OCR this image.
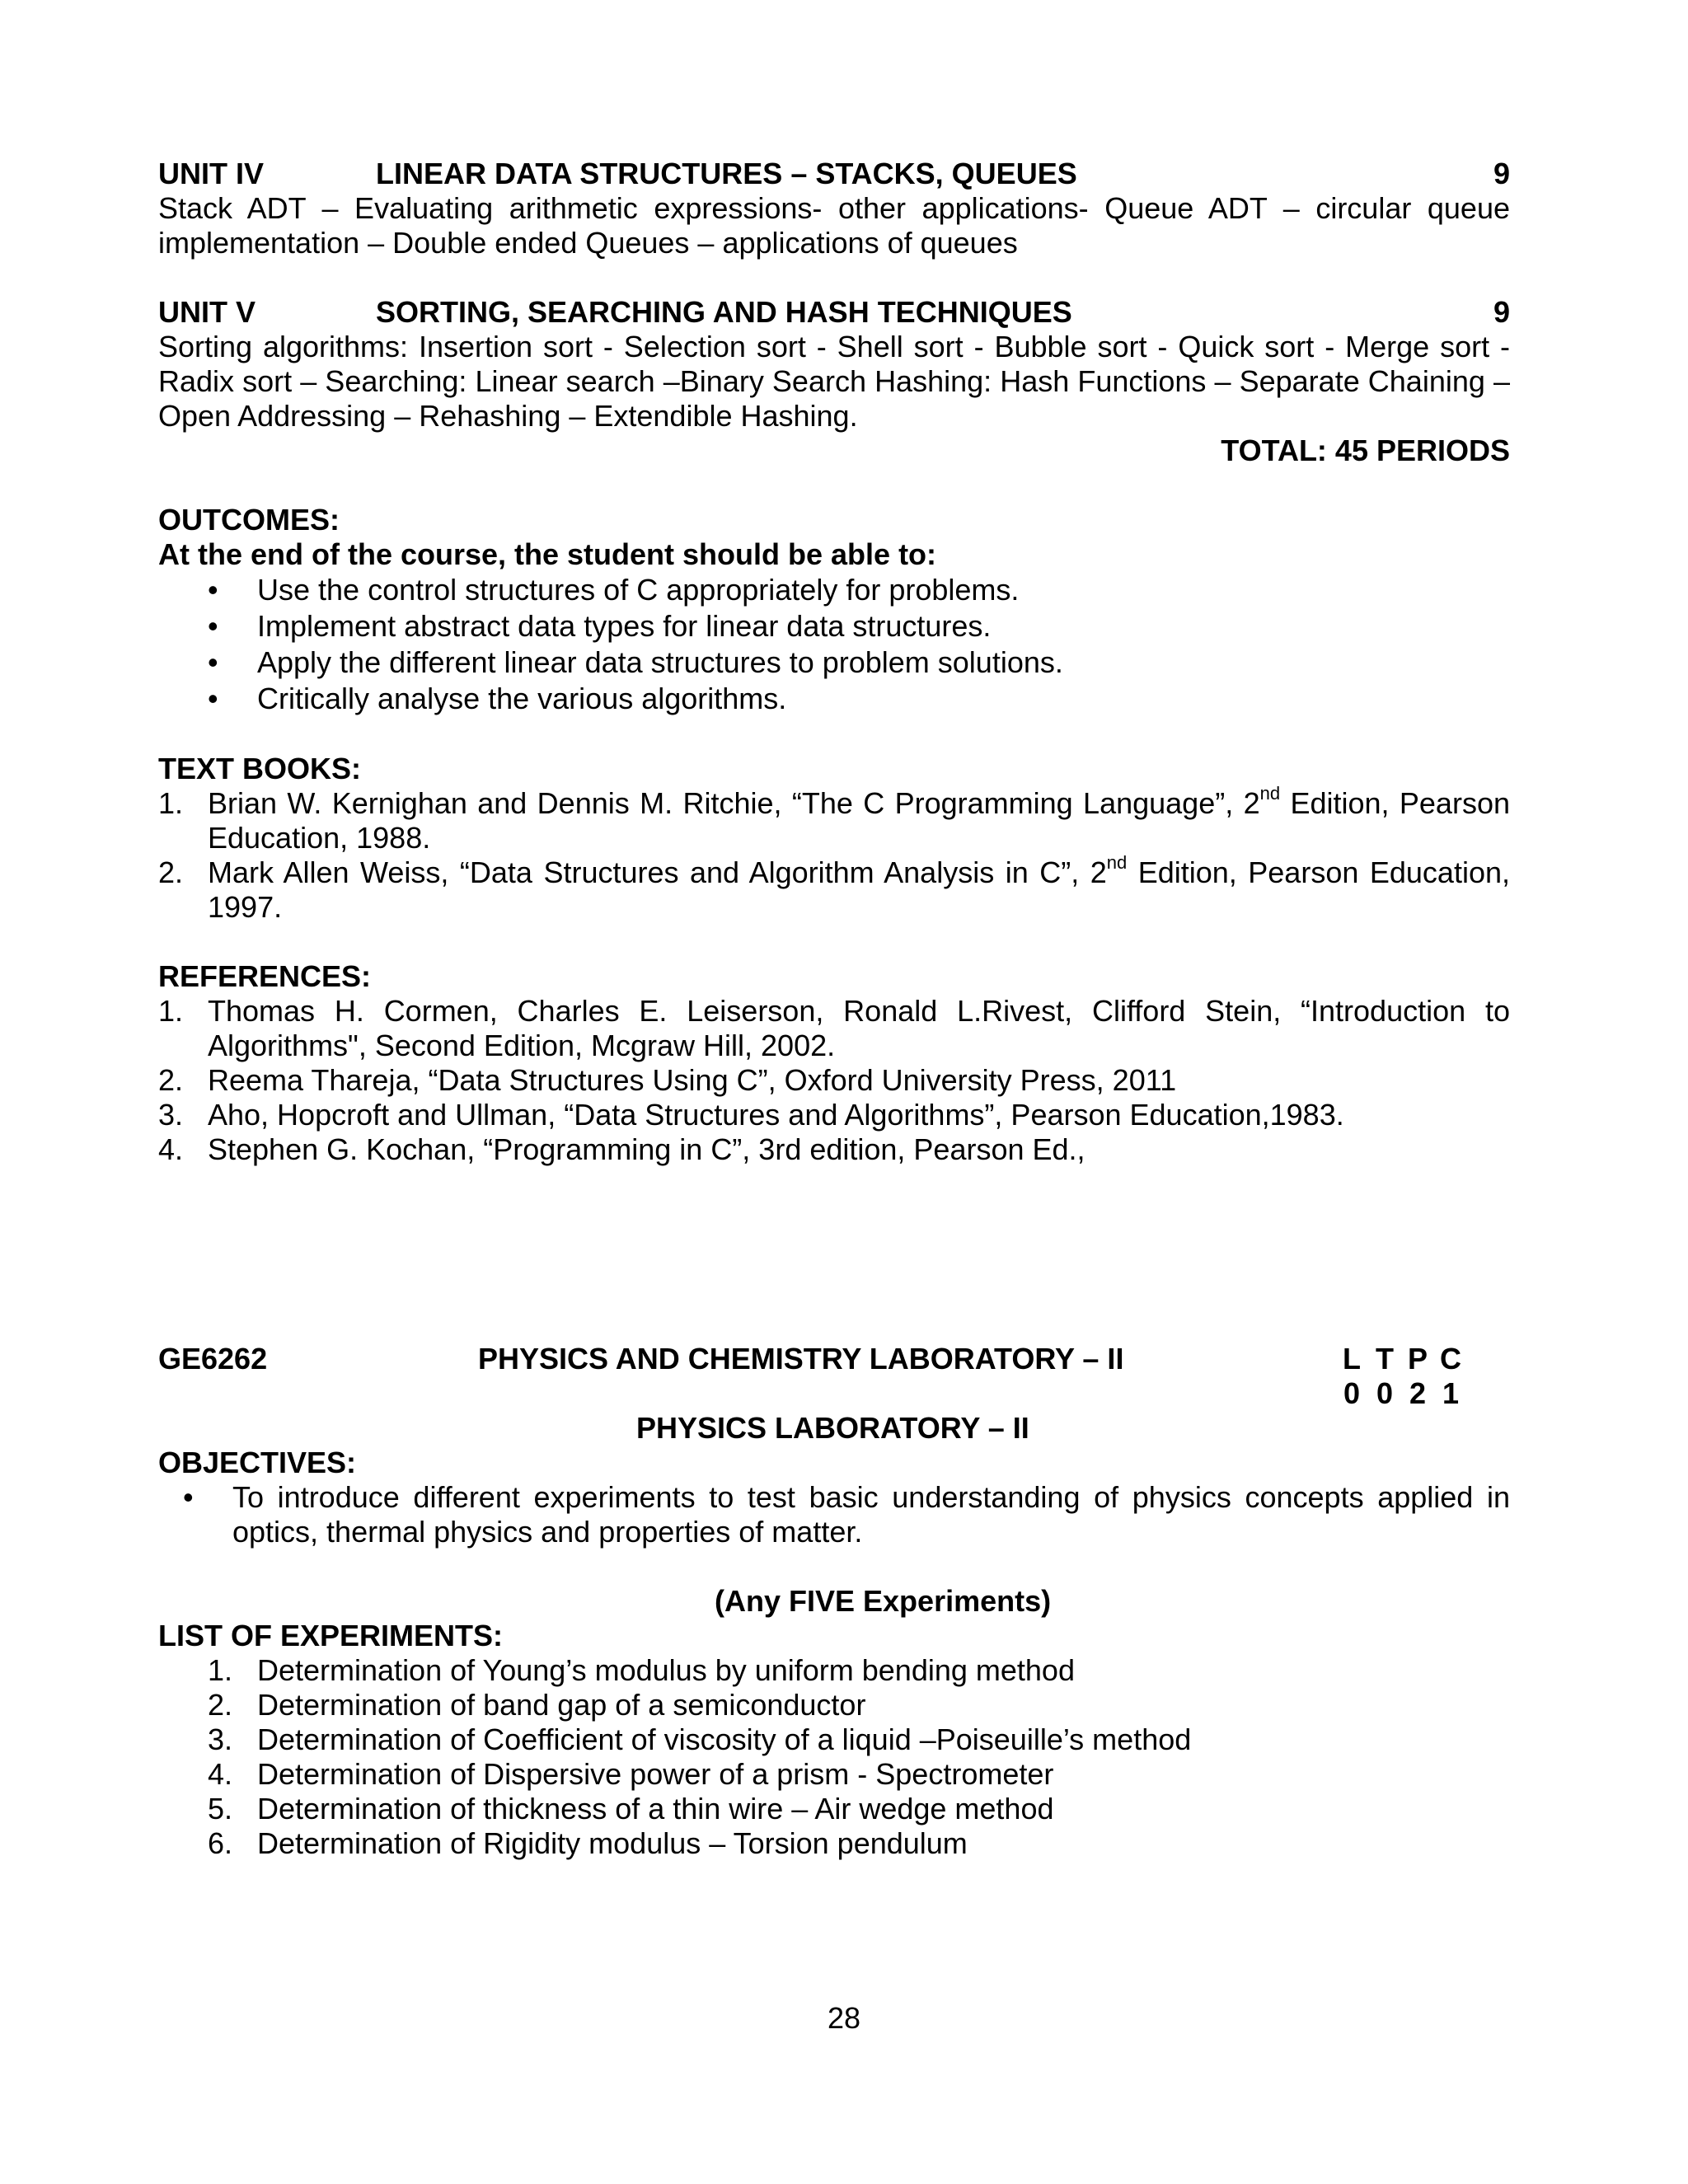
UNIT IV	LINEAR DATA STRUCTURES – STACKS, QUEUES	9
Stack ADT – Evaluating arithmetic expressions- other applications- Queue ADT – circular queue implementation – Double ended Queues – applications of queues
UNIT V	SORTING, SEARCHING AND HASH TECHNIQUES	9
Sorting algorithms: Insertion sort - Selection sort - Shell sort - Bubble sort - Quick sort - Merge sort - Radix sort – Searching: Linear search –Binary Search Hashing: Hash Functions – Separate Chaining – Open Addressing – Rehashing – Extendible Hashing.
TOTAL: 45 PERIODS
OUTCOMES:
At the end of the course, the student should be able to:
• Use the control structures of C appropriately for problems.
• Implement abstract data types for linear data structures.
• Apply the different linear data structures to problem solutions.
• Critically analyse the various algorithms.
TEXT BOOKS:
1. Brian W. Kernighan and Dennis M. Ritchie, “The C Programming Language”, 2nd Edition, Pearson Education, 1988.
2. Mark Allen Weiss, “Data Structures and Algorithm Analysis in C”, 2nd Edition, Pearson Education, 1997.
REFERENCES:
1. Thomas H. Cormen, Charles E. Leiserson, Ronald L.Rivest, Clifford Stein, “Introduction to Algorithms", Second Edition, Mcgraw Hill, 2002.
2. Reema Thareja, “Data Structures Using C”, Oxford University Press, 2011
3. Aho, Hopcroft and Ullman, “Data Structures and Algorithms”, Pearson Education,1983.
4. Stephen G. Kochan, “Programming in C”, 3rd edition, Pearson Ed.,
GE6262	PHYSICS AND CHEMISTRY LABORATORY – II	L T P C
0 0 2 1
PHYSICS LABORATORY – II
OBJECTIVES:
• To introduce different experiments to test basic understanding of physics concepts applied in optics, thermal physics and properties of matter.
(Any FIVE Experiments)
LIST OF EXPERIMENTS:
1. Determination of Young’s modulus by uniform bending method
2. Determination of band gap of a semiconductor
3. Determination of Coefficient of viscosity of a liquid –Poiseuille’s method
4. Determination of Dispersive power of a prism - Spectrometer
5. Determination of thickness of a thin wire – Air wedge method
6. Determination of Rigidity modulus – Torsion pendulum
28
